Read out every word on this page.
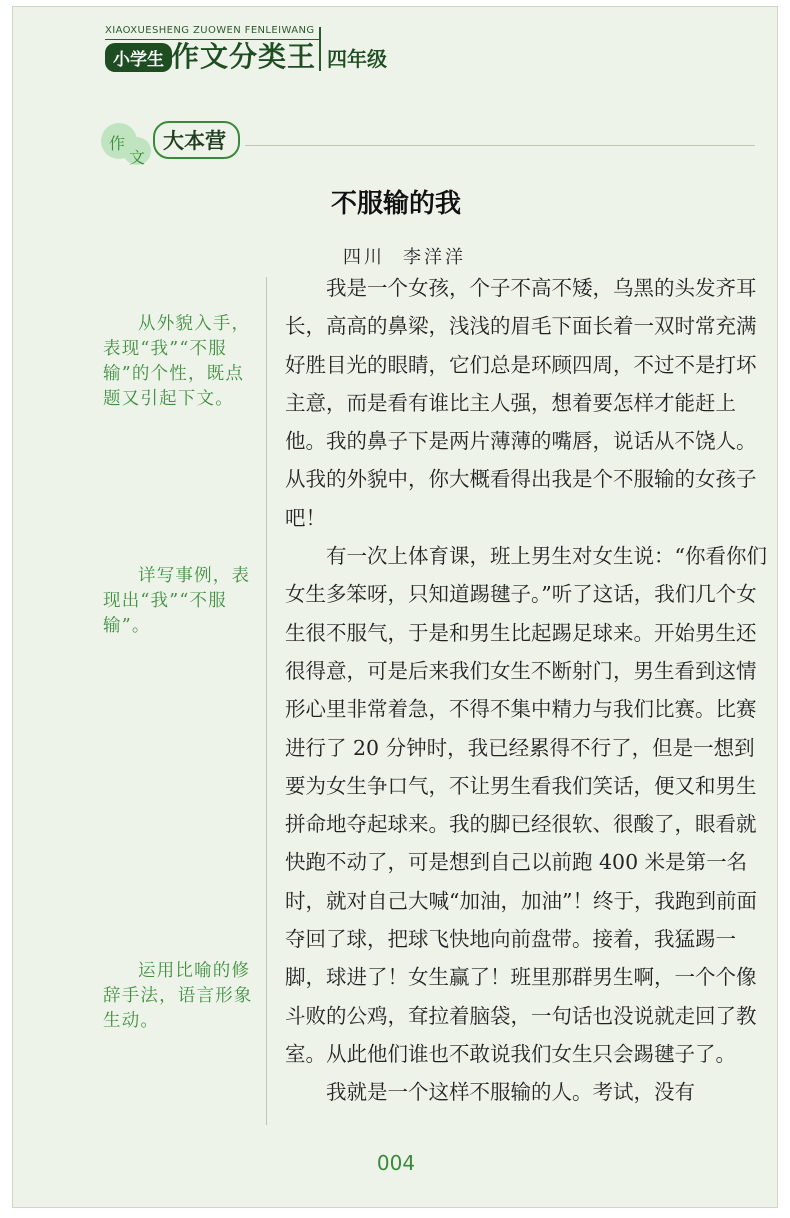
XIAOXUESHENG ZUOWEN FENLEIWANG
小学生 作文分类王 四年级
作
文
大本营
不服输的我
四川 李洋洋

从外貌入手，表现“我”“不服输”的个性，既点题又引起下文。

详写事例，表现出“我”“不服输”。

运用比喻的修辞手法，语言形象生动。

我是一个女孩，个子不高不矮，乌黑的头发齐耳长，高高的鼻梁，浅浅的眉毛下面长着一双时常充满好胜目光的眼睛，它们总是环顾四周，不过不是打坏主意，而是看有谁比主人强，想着要怎样才能赶上他。我的鼻子下是两片薄薄的嘴唇，说话从不饶人。从我的外貌中，你大概看得出我是个不服输的女孩子吧！

有一次上体育课，班上男生对女生说：“你看你们女生多笨呀，只知道踢毽子。”听了这话，我们几个女生很不服气，于是和男生比起踢足球来。开始男生还很得意，可是后来我们女生不断射门，男生看到这情形心里非常着急，不得不集中精力与我们比赛。比赛进行了 20 分钟时，我已经累得不行了，但是一想到要为女生争口气，不让男生看我们笑话，便又和男生拼命地夺起球来。我的脚已经很软、很酸了，眼看就快跑不动了，可是想到自己以前跑 400 米是第一名时，就对自己大喊“加油，加油”！终于，我跑到前面夺回了球，把球飞快地向前盘带。接着，我猛踢一脚，球进了！女生赢了！班里那群男生啊，一个个像斗败的公鸡，耷拉着脑袋，一句话也没说就走回了教室。从此他们谁也不敢说我们女生只会踢毽子了。

我就是一个这样不服输的人。考试，没有

004
